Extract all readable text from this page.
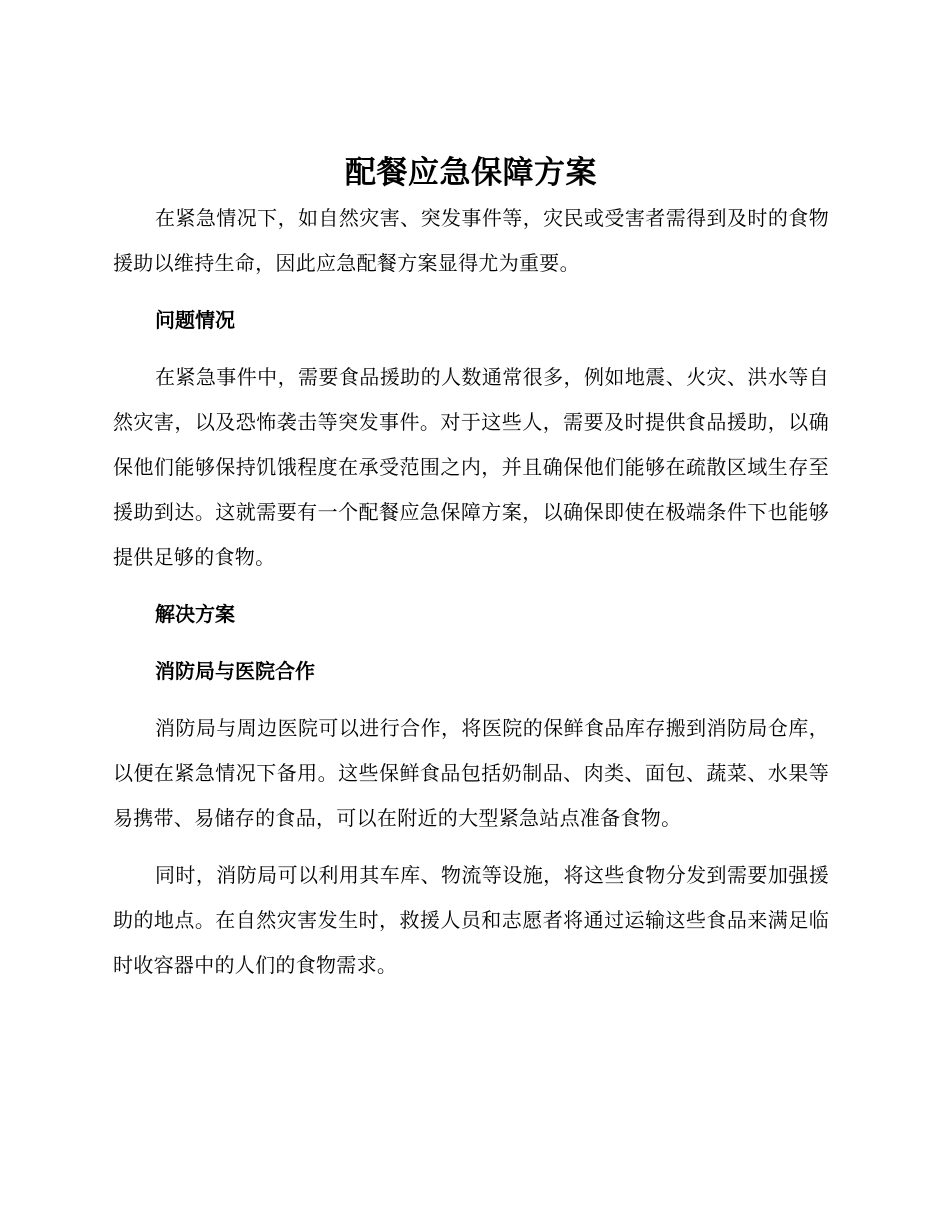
配餐应急保障方案

在紧急情况下，如自然灾害、突发事件等，灾民或受害者需得到及时的食物援助以维持生命，因此应急配餐方案显得尤为重要。

问题情况

在紧急事件中，需要食品援助的人数通常很多，例如地震、火灾、洪水等自然灾害，以及恐怖袭击等突发事件。对于这些人，需要及时提供食品援助，以确保他们能够保持饥饿程度在承受范围之内，并且确保他们能够在疏散区域生存至援助到达。这就需要有一个配餐应急保障方案，以确保即使在极端条件下也能够提供足够的食物。

解决方案

消防局与医院合作

消防局与周边医院可以进行合作，将医院的保鲜食品库存搬到消防局仓库，以便在紧急情况下备用。这些保鲜食品包括奶制品、肉类、面包、蔬菜、水果等易携带、易储存的食品，可以在附近的大型紧急站点准备食物。

同时，消防局可以利用其车库、物流等设施，将这些食物分发到需要加强援助的地点。在自然灾害发生时，救援人员和志愿者将通过运输这些食品来满足临时收容器中的人们的食物需求。
